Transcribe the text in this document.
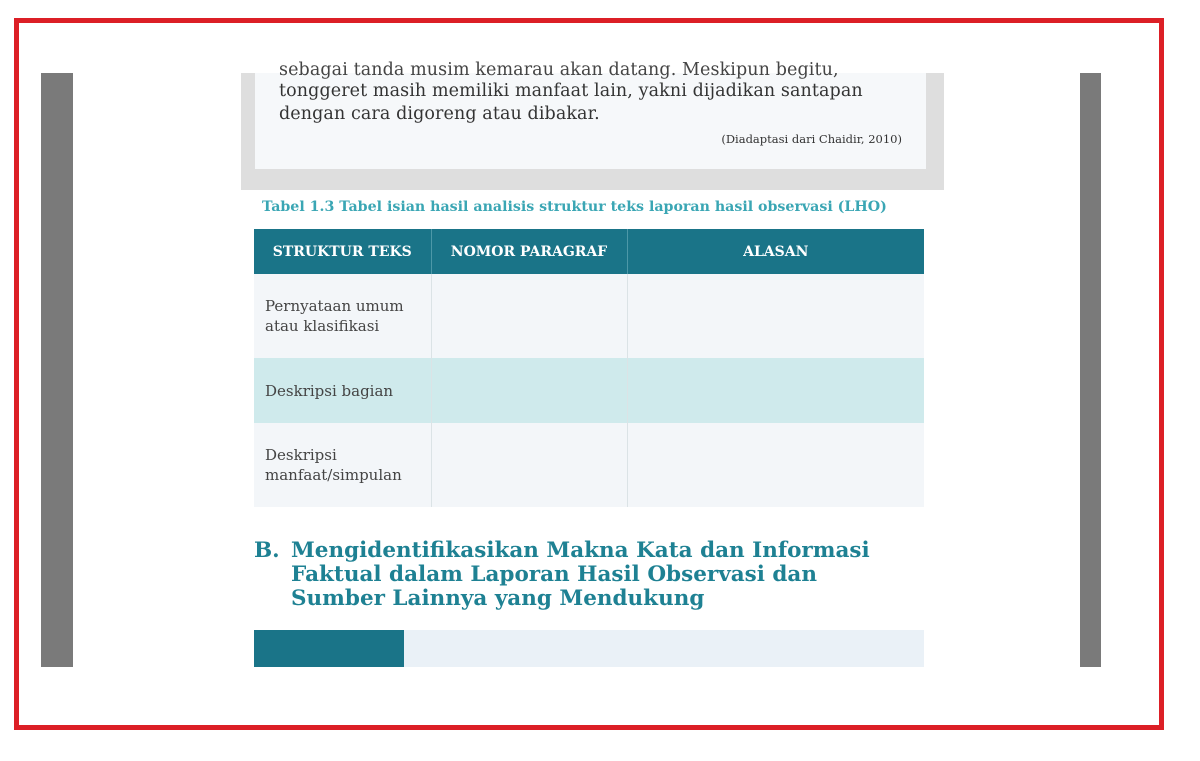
sebagai tanda musim kemarau akan datang. Meskipun begitu,
tonggeret masih memiliki manfaat lain, yakni dijadikan santapan
dengan cara digoreng atau dibakar.
(Diadaptasi dari Chaidir, 2010)
Tabel 1.3 Tabel isian hasil analisis struktur teks laporan hasil observasi (LHO)
STRUKTUR TEKS	NOMOR PARAGRAF	ALASAN
Pernyataan umum atau klasifikasi		
Deskripsi bagian		
Deskripsi manfaat/simpulan		
B. Mengidentifikasikan Makna Kata dan Informasi Faktual dalam Laporan Hasil Observasi dan Sumber Lainnya yang Mendukung
